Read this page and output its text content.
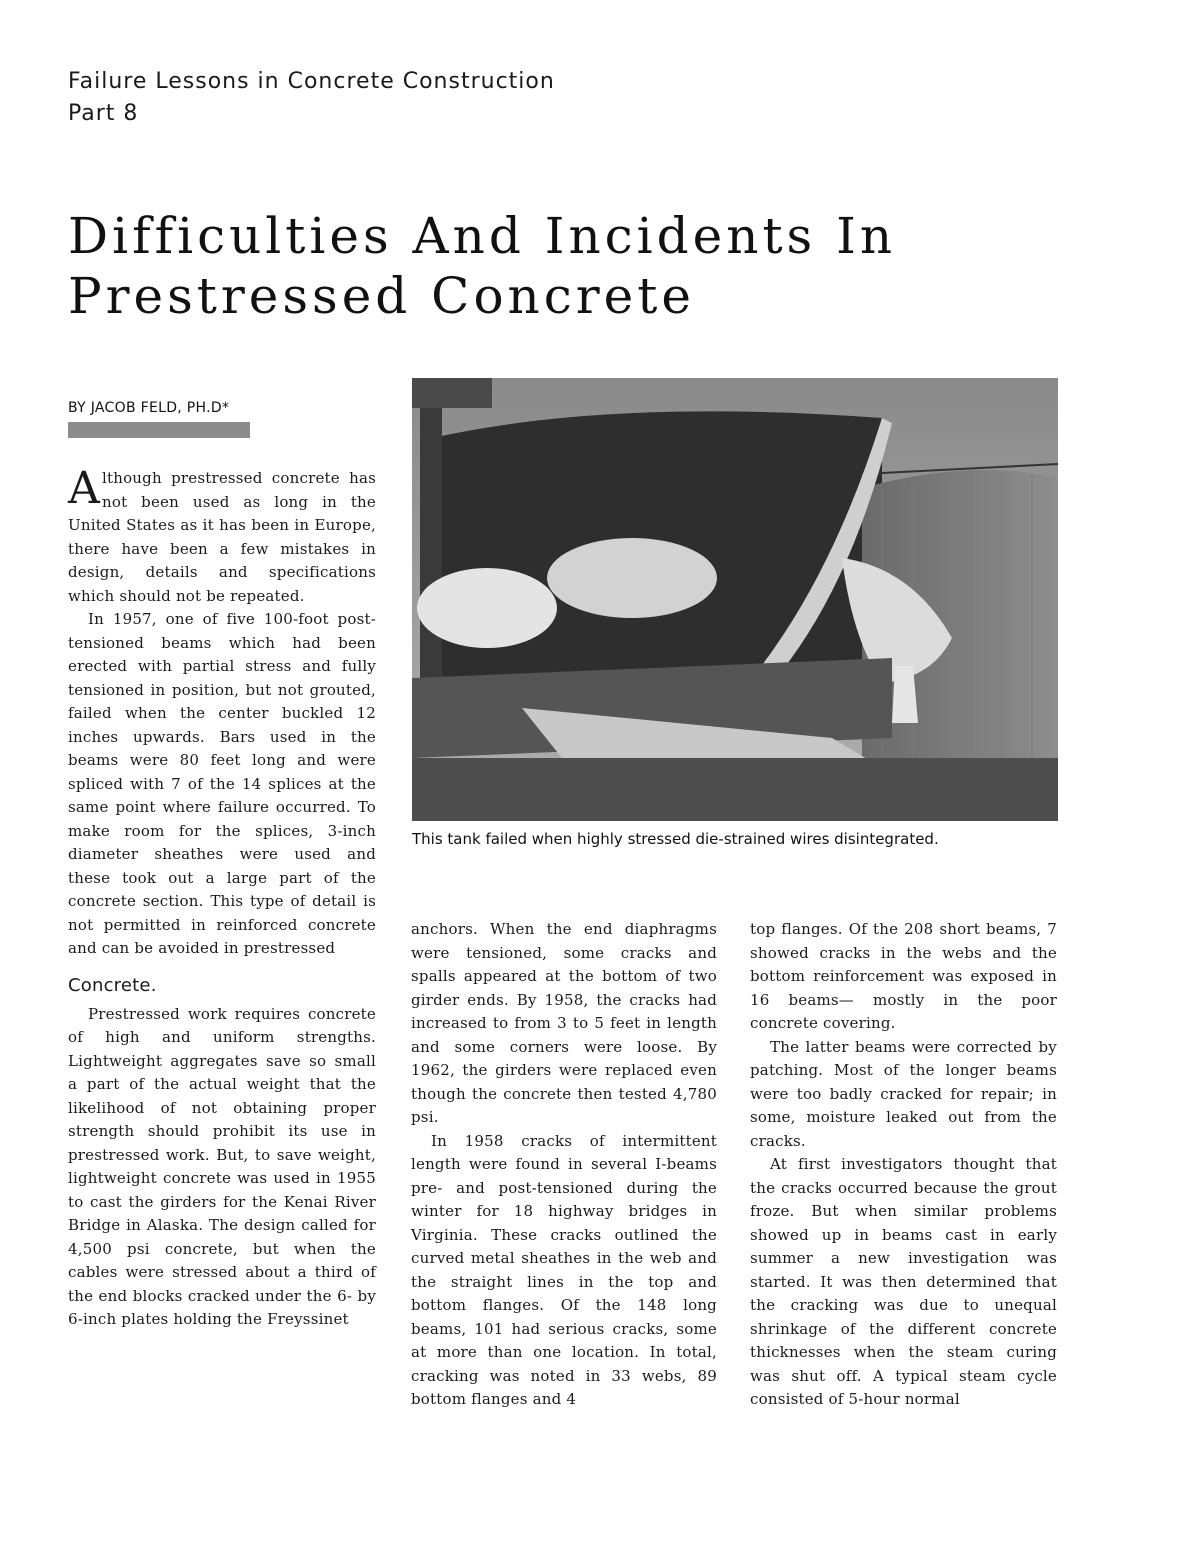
Failure Lessons in Concrete Construction
Part 8
Difficulties And Incidents In
Prestressed Concrete
BY JACOB FELD, PH.D*

Although prestressed concrete has not been used as long in the United States as it has been in Europe, there have been a few mistakes in design, details and specifications which should not be repeated.

In 1957, one of five 100-foot post-tensioned beams which had been erected with partial stress and fully tensioned in position, but not grouted, failed when the center buckled 12 inches upwards. Bars used in the beams were 80 feet long and were spliced with 7 of the 14 splices at the same point where failure occurred. To make room for the splices, 3-inch diameter sheathes were used and these took out a large part of the concrete section. This type of detail is not permitted in reinforced concrete and can be avoided in prestressed

Concrete.

Prestressed work requires concrete of high and uniform strengths. Lightweight aggregates save so small a part of the actual weight that the likelihood of not obtaining proper strength should prohibit its use in prestressed work. But, to save weight, lightweight concrete was used in 1955 to cast the girders for the Kenai River Bridge in Alaska. The design called for 4,500 psi concrete, but when the cables were stressed about a third of the end blocks cracked under the 6- by 6-inch plates holding the Freyssinet

This tank failed when highly stressed die-strained wires disintegrated.

anchors. When the end diaphragms were tensioned, some cracks and spalls appeared at the bottom of two girder ends. By 1958, the cracks had increased to from 3 to 5 feet in length and some corners were loose. By 1962, the girders were replaced even though the concrete then tested 4,780 psi.

In 1958 cracks of intermittent length were found in several I-beams pre- and post-tensioned during the winter for 18 highway bridges in Virginia. These cracks outlined the curved metal sheathes in the web and the straight lines in the top and bottom flanges. Of the 148 long beams, 101 had serious cracks, some at more than one location. In total, cracking was noted in 33 webs, 89 bottom flanges and 4

top flanges. Of the 208 short beams, 7 showed cracks in the webs and the bottom reinforcement was exposed in 16 beams— mostly in the poor concrete covering.

The latter beams were corrected by patching. Most of the longer beams were too badly cracked for repair; in some, moisture leaked out from the cracks.

At first investigators thought that the cracks occurred because the grout froze. But when similar problems showed up in beams cast in early summer a new investigation was started. It was then determined that the cracking was due to unequal shrinkage of the different concrete thicknesses when the steam curing was shut off. A typical steam cycle consisted of 5-hour normal
